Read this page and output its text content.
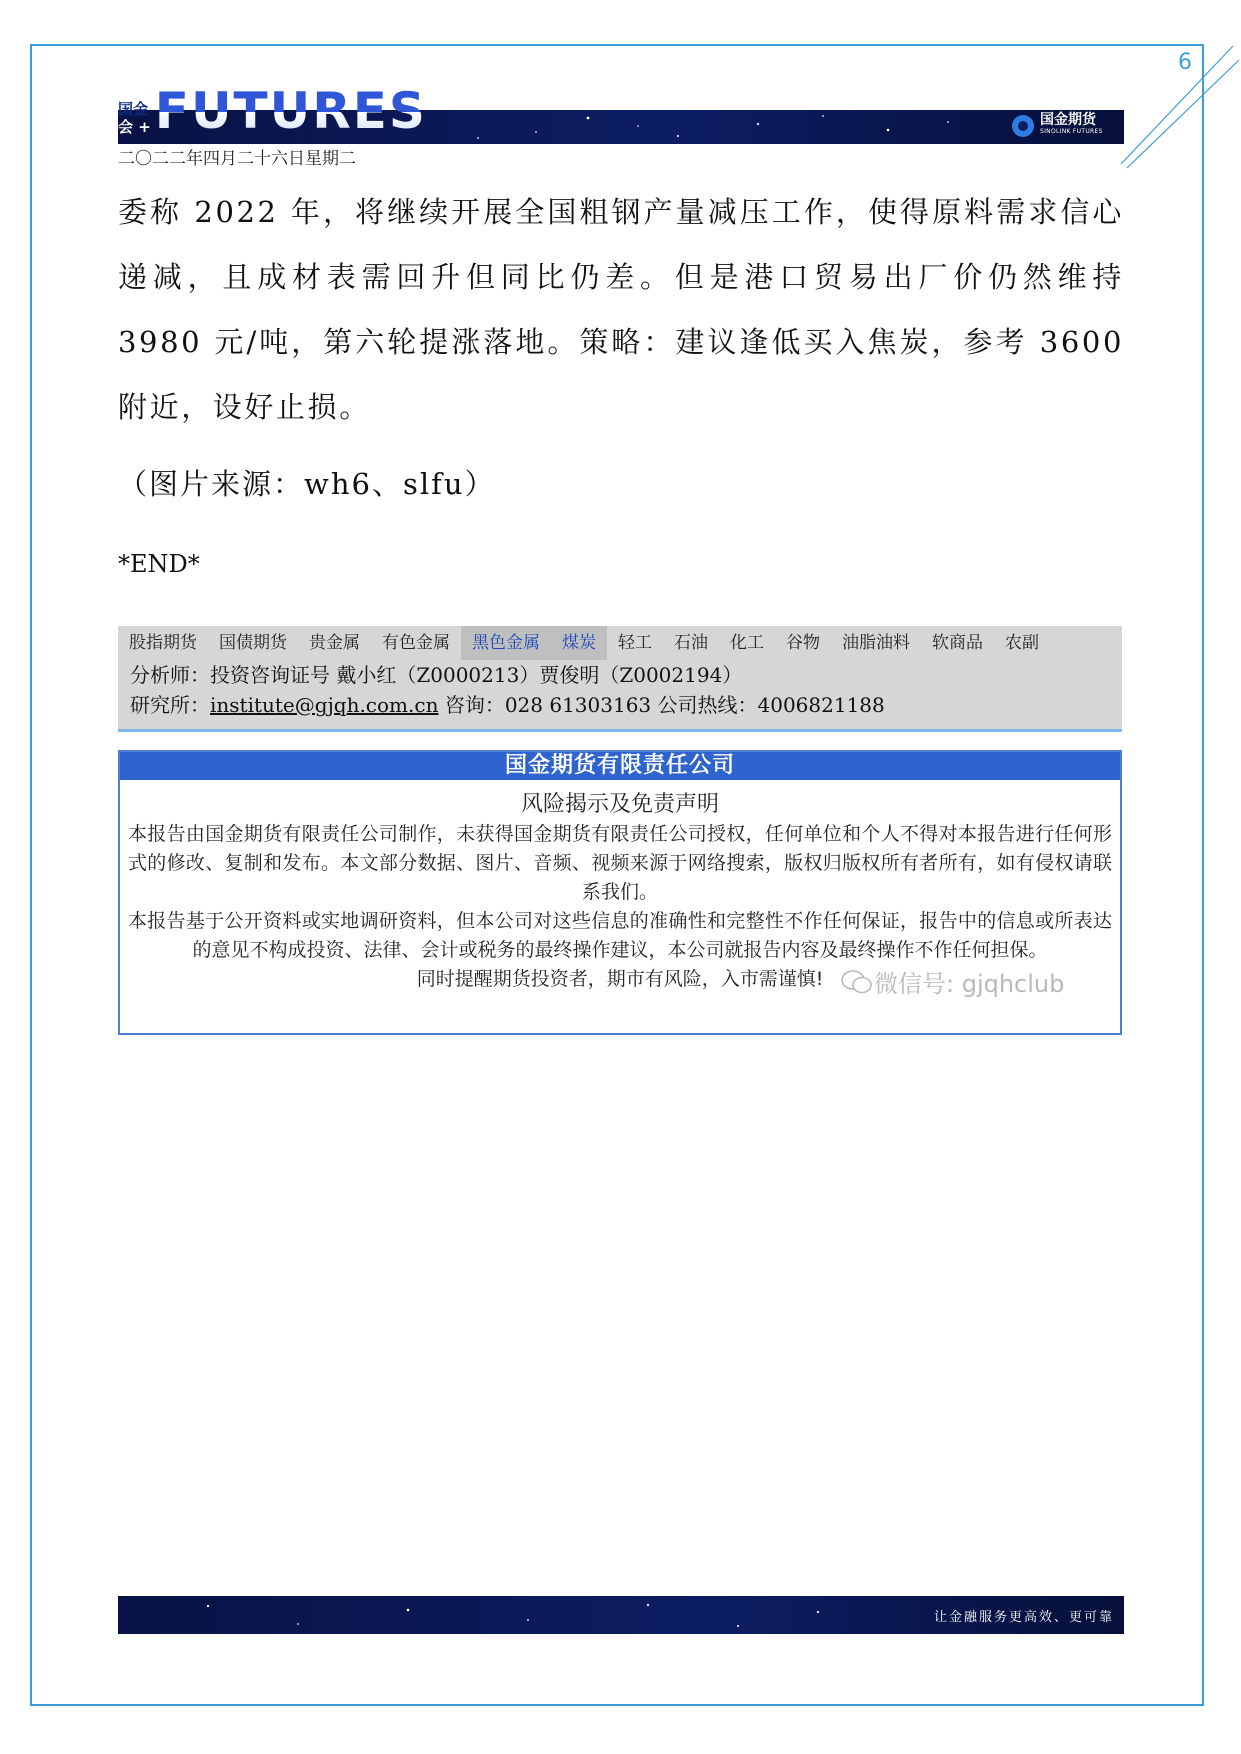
6
国金
会 + FUTURES	国金期货
SINOLINK FUTURES
二〇二二年四月二十六日星期二

委称 2022 年，将继续开展全国粗钢产量减压工作，使得原料需求信心递减，且成材表需回升但同比仍差。但是港口贸易出厂价仍然维持 3980 元/吨，第六轮提涨落地。策略：建议逢低买入焦炭，参考 3600 附近，设好止损。

（图片来源：wh6、slfu）
*END*
股指期货	国债期货	贵金属	有色金属	黑色金属	煤炭	轻工	石油	化工	谷物	油脂油料	软商品	农副
分析师：投资咨询证号 戴小红（Z0000213）贾俊明（Z0002194）
研究所：institute@gjqh.com.cn 咨询：028 61303163 公司热线：4006821188
国金期货有限责任公司
风险揭示及免责声明
本报告由国金期货有限责任公司制作，未获得国金期货有限责任公司授权，任何单位和个人不得对本报告进行任何形式的修改、复制和发布。本文部分数据、图片、音频、视频来源于网络搜索，版权归版权所有者所有，如有侵权请联系我们。
本报告基于公开资料或实地调研资料，但本公司对这些信息的准确性和完整性不作任何保证，报告中的信息或所表达的意见不构成投资、法律、会计或税务的最终操作建议，本公司就报告内容及最终操作不作任何担保。
同时提醒期货投资者，期市有风险，入市需谨慎!	微信号: gjqhclub
让金融服务更高效、更可靠
